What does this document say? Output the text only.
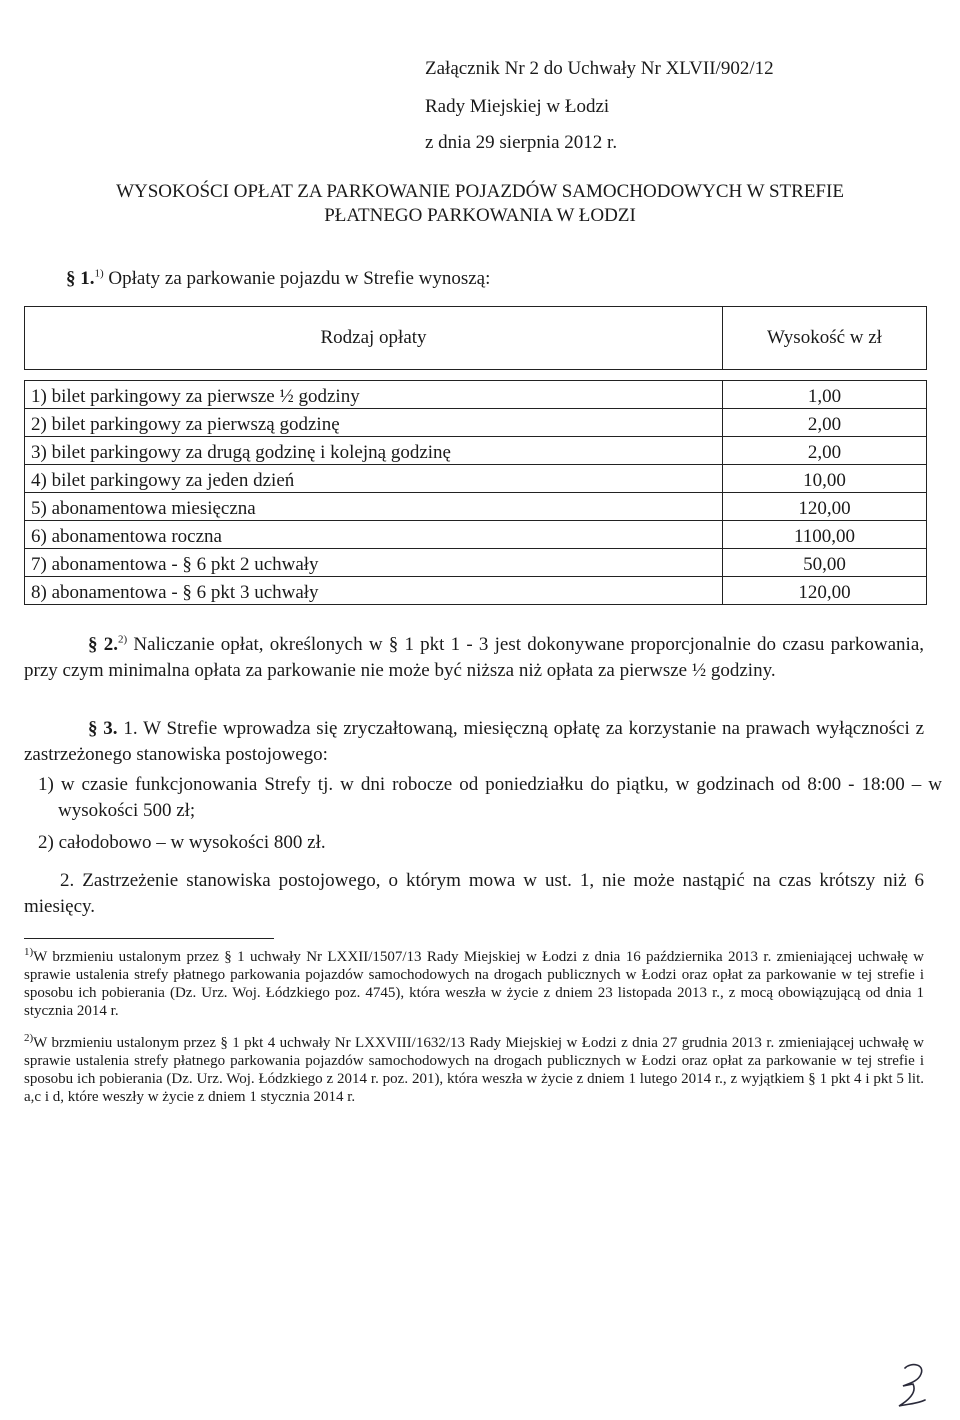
Załącznik Nr 2 do Uchwały Nr XLVII/902/12
Rady Miejskiej w Łodzi
z dnia 29 sierpnia 2012 r.
WYSOKOŚCI OPŁAT ZA PARKOWANIE POJAZDÓW SAMOCHODOWYCH W STREFIE
PŁATNEGO PARKOWANIA W ŁODZI
§ 1.$^{1)}$ Opłaty za parkowanie pojazdu w Strefie wynoszą:
Rodzaj opłaty	Wysokość w zł

1) bilet parkingowy za pierwsze ½ godziny	1,00
2) bilet parkingowy za pierwszą godzinę	2,00
3) bilet parkingowy za drugą godzinę i kolejną godzinę	2,00
4) bilet parkingowy za jeden dzień	10,00
5) abonamentowa miesięczna	120,00
6) abonamentowa roczna	1100,00
7) abonamentowa - § 6 pkt 2 uchwały	50,00
8) abonamentowa - § 6 pkt 3 uchwały	120,00
§ 2.$^{2)}$ Naliczanie opłat, określonych w § 1 pkt 1 - 3 jest dokonywane proporcjonalnie do czasu parkowania, przy czym minimalna opłata za parkowanie nie może być niższa niż opłata za pierwsze ½ godziny.
§ 3. 1. W Strefie wprowadza się zryczałtowaną, miesięczną opłatę za korzystanie na prawach wyłączności z zastrzeżonego stanowiska postojowego:
1) w czasie funkcjonowania Strefy tj. w dni robocze od poniedziałku do piątku, w godzinach od 8:00 - 18:00 – w wysokości 500 zł;
2) całodobowo – w wysokości 800 zł.
2. Zastrzeżenie stanowiska postojowego, o którym mowa w ust. 1, nie może nastąpić na czas krótszy niż 6 miesięcy.
$^{1)}$W brzmieniu ustalonym przez § 1 uchwały Nr LXXII/1507/13 Rady Miejskiej w Łodzi z dnia 16 października 2013 r. zmieniającej uchwałę w sprawie ustalenia strefy płatnego parkowania pojazdów samochodowych na drogach publicznych w Łodzi oraz opłat za parkowanie w tej strefie i sposobu ich pobierania (Dz. Urz. Woj. Łódzkiego poz. 4745), która weszła w życie z dniem 23 listopada 2013 r., z mocą obowiązującą od dnia 1 stycznia 2014 r.
$^{2)}$W brzmieniu ustalonym przez § 1 pkt 4 uchwały Nr LXXVIII/1632/13 Rady Miejskiej w Łodzi z dnia 27 grudnia 2013 r. zmieniającej uchwałę w sprawie ustalenia strefy płatnego parkowania pojazdów samochodowych na drogach publicznych w Łodzi oraz opłat za parkowanie w tej strefie i sposobu ich pobierania (Dz. Urz. Woj. Łódzkiego z 2014 r. poz. 201), która weszła w życie z dniem 1 lutego 2014 r., z wyjątkiem § 1 pkt 4 i pkt 5 lit. a,c i d, które weszły w życie z dniem 1 stycznia 2014 r.
